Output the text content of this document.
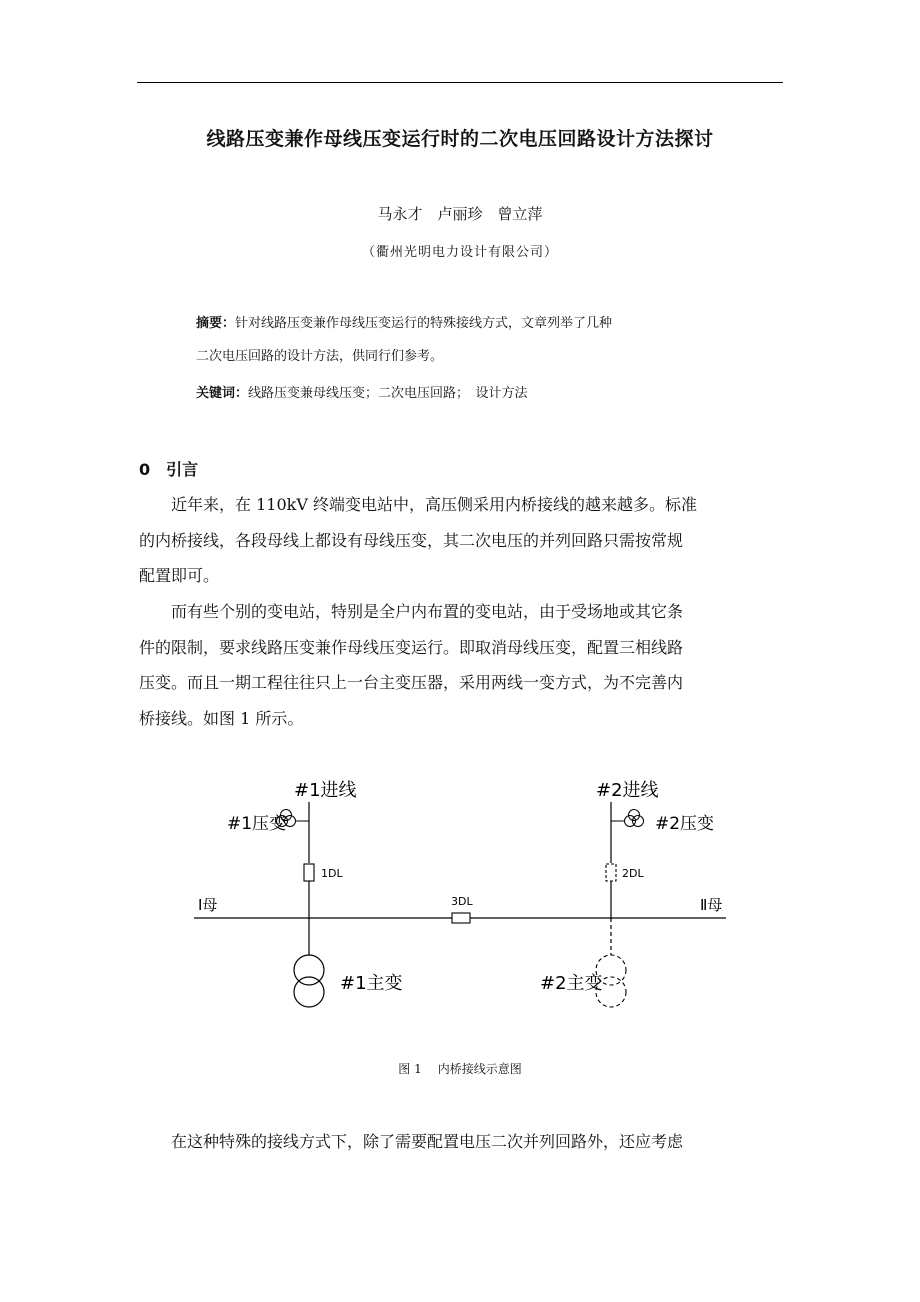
线路压变兼作母线压变运行时的二次电压回路设计方法探讨
马永才　卢丽珍　曾立萍
（衢州光明电力设计有限公司）
摘要：针对线路压变兼作母线压变运行的特殊接线方式，文章列举了几种
二次电压回路的设计方法，供同行们参考。
关键词：线路压变兼母线压变；二次电压回路；　设计方法
0 引言
　　近年来，在 110kV 终端变电站中，高压侧采用内桥接线的越来越多。标准
的内桥接线，各段母线上都设有母线压变，其二次电压的并列回路只需按常规
配置即可。
　　而有些个别的变电站，特别是全户内布置的变电站，由于受场地或其它条
件的限制，要求线路压变兼作母线压变运行。即取消母线压变，配置三相线路
压变。而且一期工程往往只上一台主变压器，采用两线一变方式，为不完善内
桥接线。如图 1 所示。
#1进线
#1压变
1DL
#1主变
Ⅰ母	Ⅱ母
3DL
#2进线
#2压变
2DL
#2主变
图 1 内桥接线示意图
　　在这种特殊的接线方式下，除了需要配置电压二次并列回路外，还应考虑
